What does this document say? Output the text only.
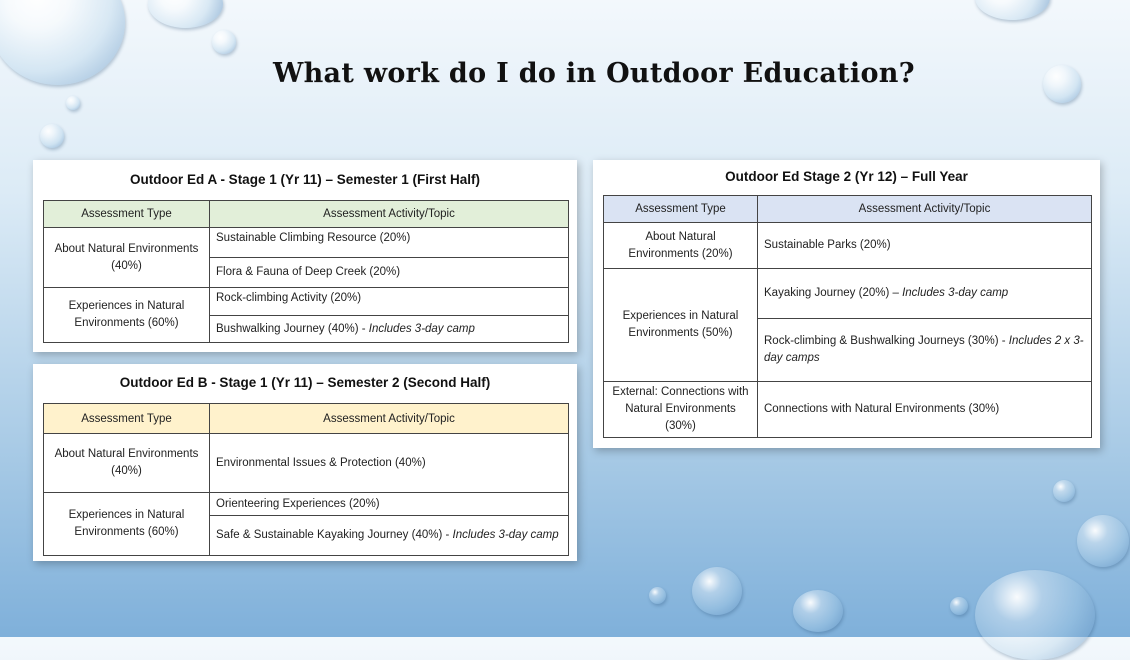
What work do I do in Outdoor Education?
Outdoor Ed A - Stage 1 (Yr 11) – Semester 1 (First Half)
Assessment Type	Assessment Activity/Topic
About Natural Environments (40%)	Sustainable Climbing Resource (20%)
	Flora & Fauna of Deep Creek (20%)
Experiences in Natural Environments (60%)	Rock-climbing Activity (20%)
	Bushwalking Journey (40%) - Includes 3-day camp
Outdoor Ed B - Stage 1 (Yr 11) – Semester 2 (Second Half)
Assessment Type	Assessment Activity/Topic
About Natural Environments (40%)	Environmental Issues & Protection (40%)
Experiences in Natural Environments (60%)	Orienteering Experiences (20%)
	Safe & Sustainable Kayaking Journey (40%) - Includes 3-day camp
Outdoor Ed Stage 2 (Yr 12) – Full Year
Assessment Type	Assessment Activity/Topic
About Natural Environments (20%)	Sustainable Parks (20%)
Experiences in Natural Environments (50%)	Kayaking Journey (20%) – Includes 3-day camp
	Rock-climbing & Bushwalking Journeys (30%) - Includes 2 x 3-day camps
External: Connections with Natural Environments (30%)	Connections with Natural Environments (30%)
